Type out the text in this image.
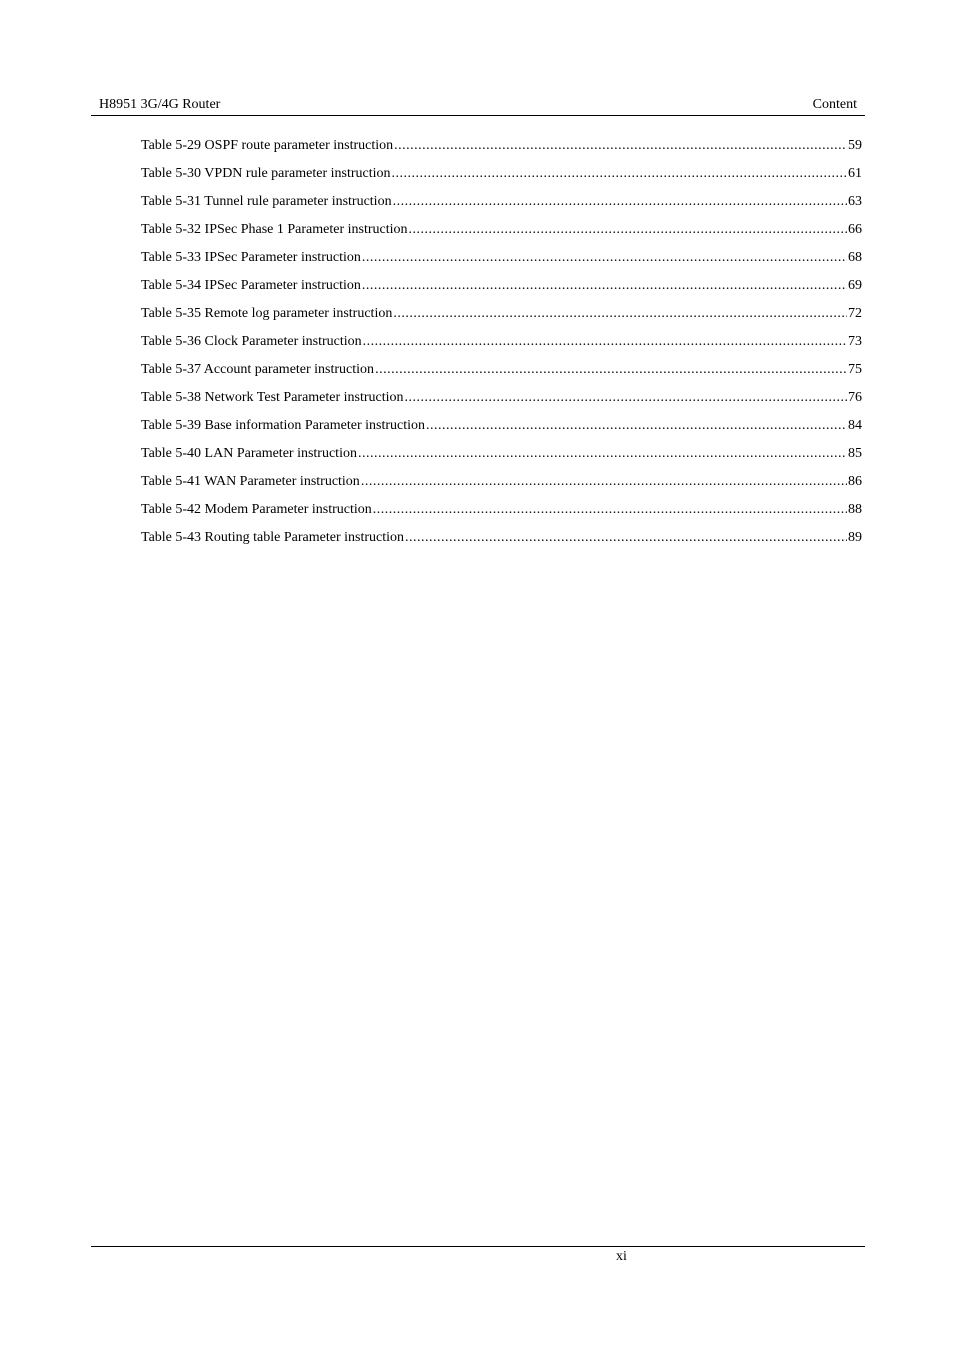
H8951 3G/4G Router	Content
Table 5-29 OSPF route parameter instruction .....	59
Table 5-30 VPDN rule parameter instruction .....	61
Table 5-31 Tunnel rule parameter instruction .....	63
Table 5-32 IPSec Phase 1 Parameter instruction .....	66
Table 5-33 IPSec Parameter instruction .....	68
Table 5-34 IPSec Parameter instruction .....	69
Table 5-35 Remote log parameter instruction .....	72
Table 5-36 Clock Parameter instruction .....	73
Table 5-37 Account parameter instruction .....	75
Table 5-38 Network Test Parameter instruction .....	76
Table 5-39 Base information Parameter instruction .....	84
Table 5-40 LAN Parameter instruction .....	85
Table 5-41 WAN Parameter instruction .....	86
Table 5-42 Modem Parameter instruction .....	88
Table 5-43 Routing table Parameter instruction .....	89
xi
